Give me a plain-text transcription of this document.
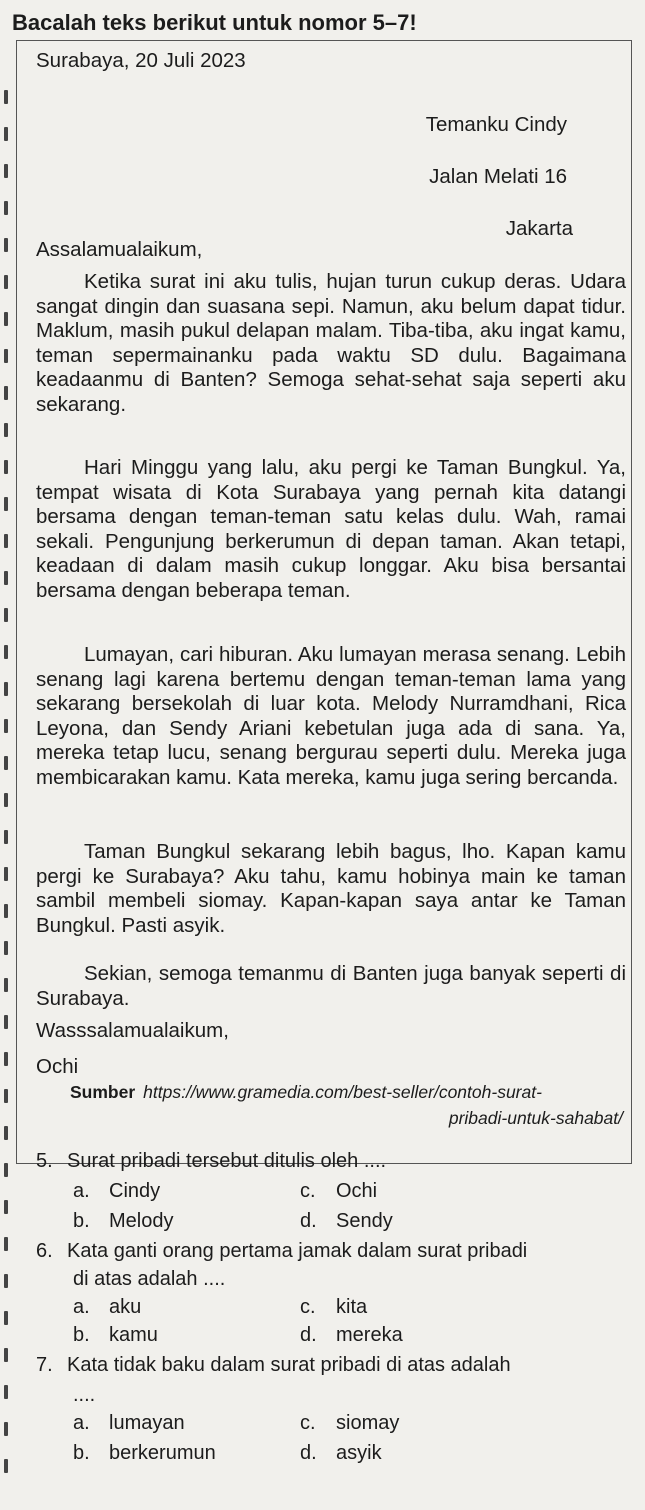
Bacalah teks berikut untuk nomor 5–7!
Surabaya, 20 Juli 2023
Temanku Cindy
Jalan Melati 16
Jakarta
Assalamualaikum,
Ketika surat ini aku tulis, hujan turun cukup deras. Udara sangat dingin dan suasana sepi. Namun, aku belum dapat tidur. Maklum, masih pukul delapan malam. Tiba-tiba, aku ingat kamu, teman sepermainanku pada waktu SD dulu. Bagaimana keadaanmu di Banten? Semoga sehat-sehat saja seperti aku sekarang.
Hari Minggu yang lalu, aku pergi ke Taman Bungkul. Ya, tempat wisata di Kota Surabaya yang pernah kita datangi bersama dengan teman-teman satu kelas dulu. Wah, ramai sekali. Pengunjung berkerumun di depan taman. Akan tetapi, keadaan di dalam masih cukup longgar. Aku bisa bersantai bersama dengan beberapa teman.
Lumayan, cari hiburan. Aku lumayan merasa senang. Lebih senang lagi karena bertemu dengan teman-teman lama yang sekarang bersekolah di luar kota. Melody Nurramdhani, Rica Leyona, dan Sendy Ariani kebetulan juga ada di sana. Ya, mereka tetap lucu, senang bergurau seperti dulu. Mereka juga membicarakan kamu. Kata mereka, kamu juga sering bercanda.
Taman Bungkul sekarang lebih bagus, lho. Kapan kamu pergi ke Surabaya? Aku tahu, kamu hobinya main ke taman sambil membeli siomay. Kapan-kapan saya antar ke Taman Bungkul. Pasti asyik.
Sekian, semoga temanmu di Banten juga banyak seperti di Surabaya.
Wasssalamualaikum,
Ochi
Sumber https://www.gramedia.com/best-seller/contoh-surat-
pribadi-untuk-sahabat/
5. Surat pribadi tersebut ditulis oleh ....
a. Cindy	c. Ochi
b. Melody	d. Sendy
6. Kata ganti orang pertama jamak dalam surat pribadi
di atas adalah ....
a. aku	c. kita
b. kamu	d. mereka
7. Kata tidak baku dalam surat pribadi di atas adalah
....
a. lumayan	c. siomay
b. berkerumun	d. asyik
